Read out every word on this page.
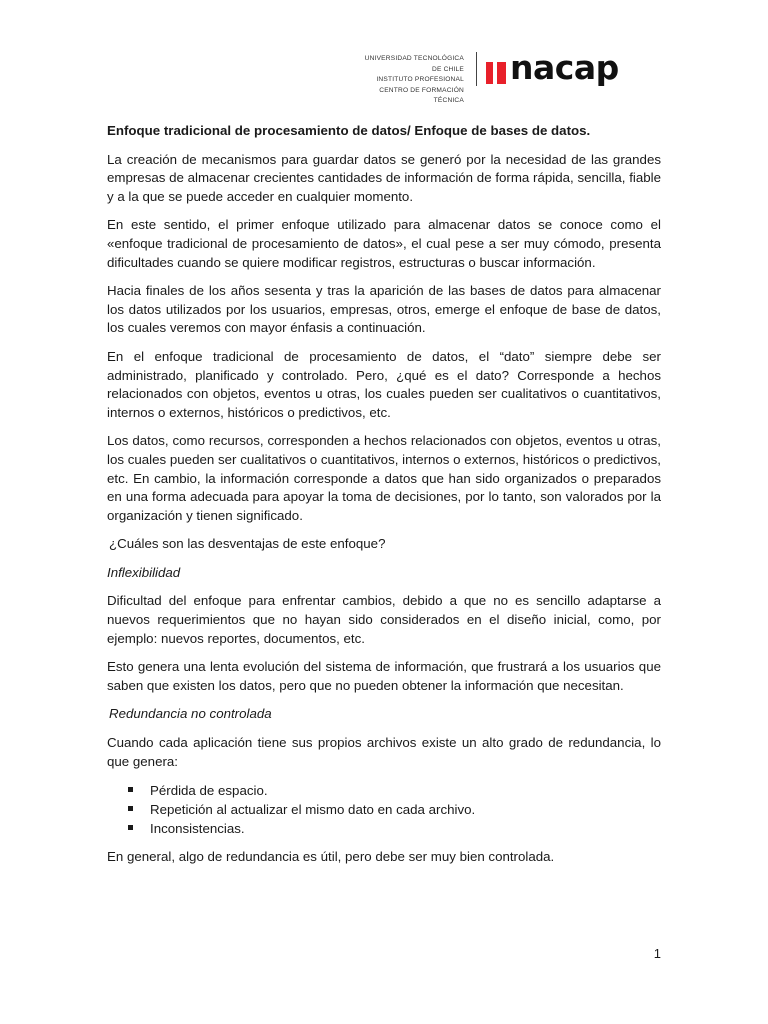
UNIVERSIDAD TECNOLÓGICA DE CHILE
INSTITUTO PROFESIONAL
CENTRO DE FORMACIÓN TÉCNICA
nacap

Enfoque tradicional de procesamiento de datos/ Enfoque de bases de datos.

La creación de mecanismos para guardar datos se generó por la necesidad de las grandes empresas de almacenar crecientes cantidades de información de forma rápida, sencilla, fiable y a la que se puede acceder en cualquier momento.

En este sentido, el primer enfoque utilizado para almacenar datos se conoce como el «enfoque tradicional de procesamiento de datos», el cual pese a ser muy cómodo, presenta dificultades cuando se quiere modificar registros, estructuras o buscar información.

Hacia finales de los años sesenta y tras la aparición de las bases de datos para almacenar los datos utilizados por los usuarios, empresas, otros, emerge el enfoque de base de datos, los cuales veremos con mayor énfasis a continuación.

En el enfoque tradicional de procesamiento de datos, el “dato” siempre debe ser administrado, planificado y controlado. Pero, ¿qué es el dato? Corresponde a hechos relacionados con objetos, eventos u otras, los cuales pueden ser cualitativos o cuantitativos, internos o externos, históricos o predictivos, etc.

Los datos, como recursos, corresponden a hechos relacionados con objetos, eventos u otras, los cuales pueden ser cualitativos o cuantitativos, internos o externos, históricos o predictivos, etc. En cambio, la información corresponde a datos que han sido organizados o preparados en una forma adecuada para apoyar la toma de decisiones, por lo tanto, son valorados por la organización y tienen significado.

¿Cuáles son las desventajas de este enfoque?

Inflexibilidad

Dificultad del enfoque para enfrentar cambios, debido a que no es sencillo adaptarse a nuevos requerimientos que no hayan sido considerados en el diseño inicial, como, por ejemplo: nuevos reportes, documentos, etc.

Esto genera una lenta evolución del sistema de información, que frustrará a los usuarios que saben que existen los datos, pero que no pueden obtener la información que necesitan.

Redundancia no controlada

Cuando cada aplicación tiene sus propios archivos existe un alto grado de redundancia, lo que genera:

Pérdida de espacio.
Repetición al actualizar el mismo dato en cada archivo.
Inconsistencias.

En general, algo de redundancia es útil, pero debe ser muy bien controlada.

1
